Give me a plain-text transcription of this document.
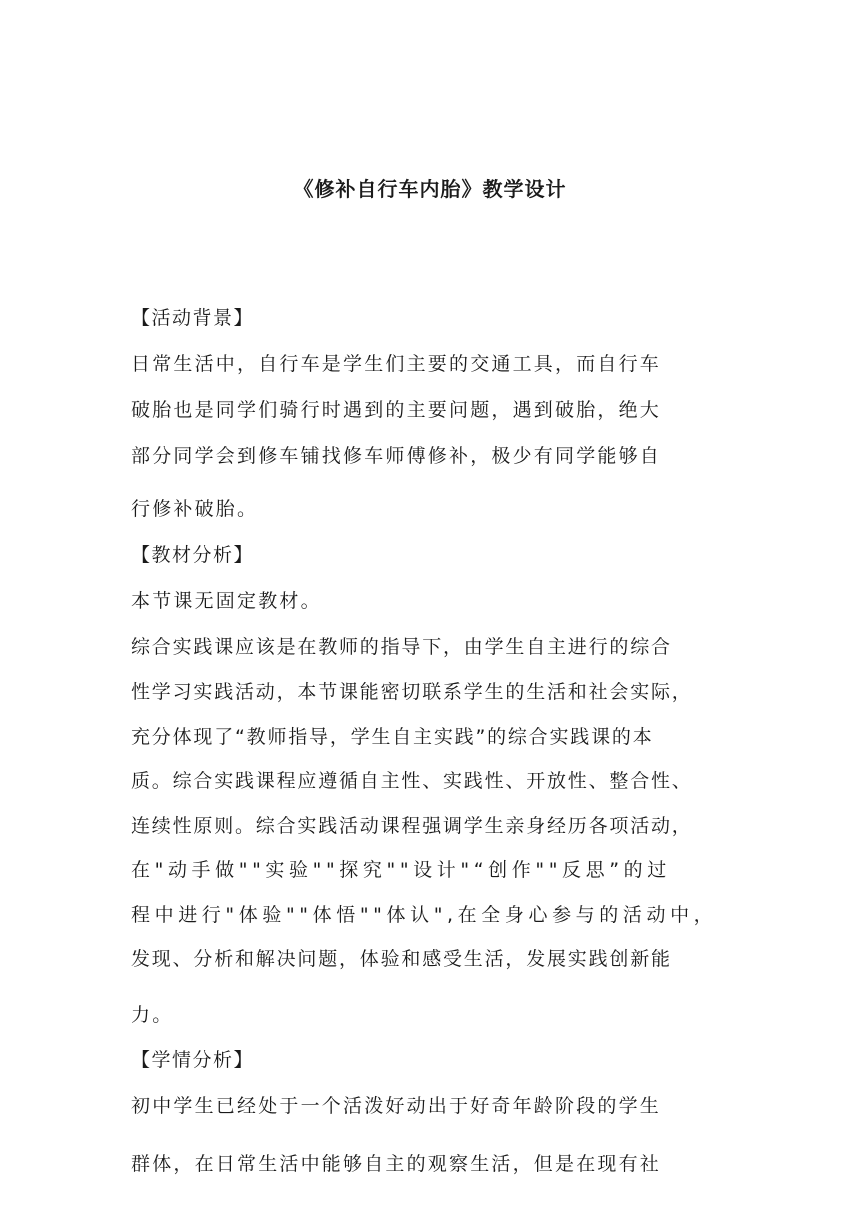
《修补自行车内胎》教学设计
【活动背景】
日常生活中，自行车是学生们主要的交通工具，而自行车
破胎也是同学们骑行时遇到的主要问题，遇到破胎，绝大
部分同学会到修车铺找修车师傅修补，极少有同学能够自
行修补破胎。
【教材分析】
本节课无固定教材。
综合实践课应该是在教师的指导下，由学生自主进行的综合
性学习实践活动，本节课能密切联系学生的生活和社会实际，
充分体现了“教师指导，学生自主实践”的综合实践课的本
质。综合实践课程应遵循自主性、实践性、开放性、整合性、
连续性原则。综合实践活动课程强调学生亲身经历各项活动，
在"动手做""实验""探究""设计"“创作""反思”的过
程中进行"体验""体悟""体认",在全身心参与的活动中，
发现、分析和解决问题，体验和感受生活，发展实践创新能
力。
【学情分析】
初中学生已经处于一个活泼好动出于好奇年龄阶段的学生
群体，在日常生活中能够自主的观察生活，但是在现有社
